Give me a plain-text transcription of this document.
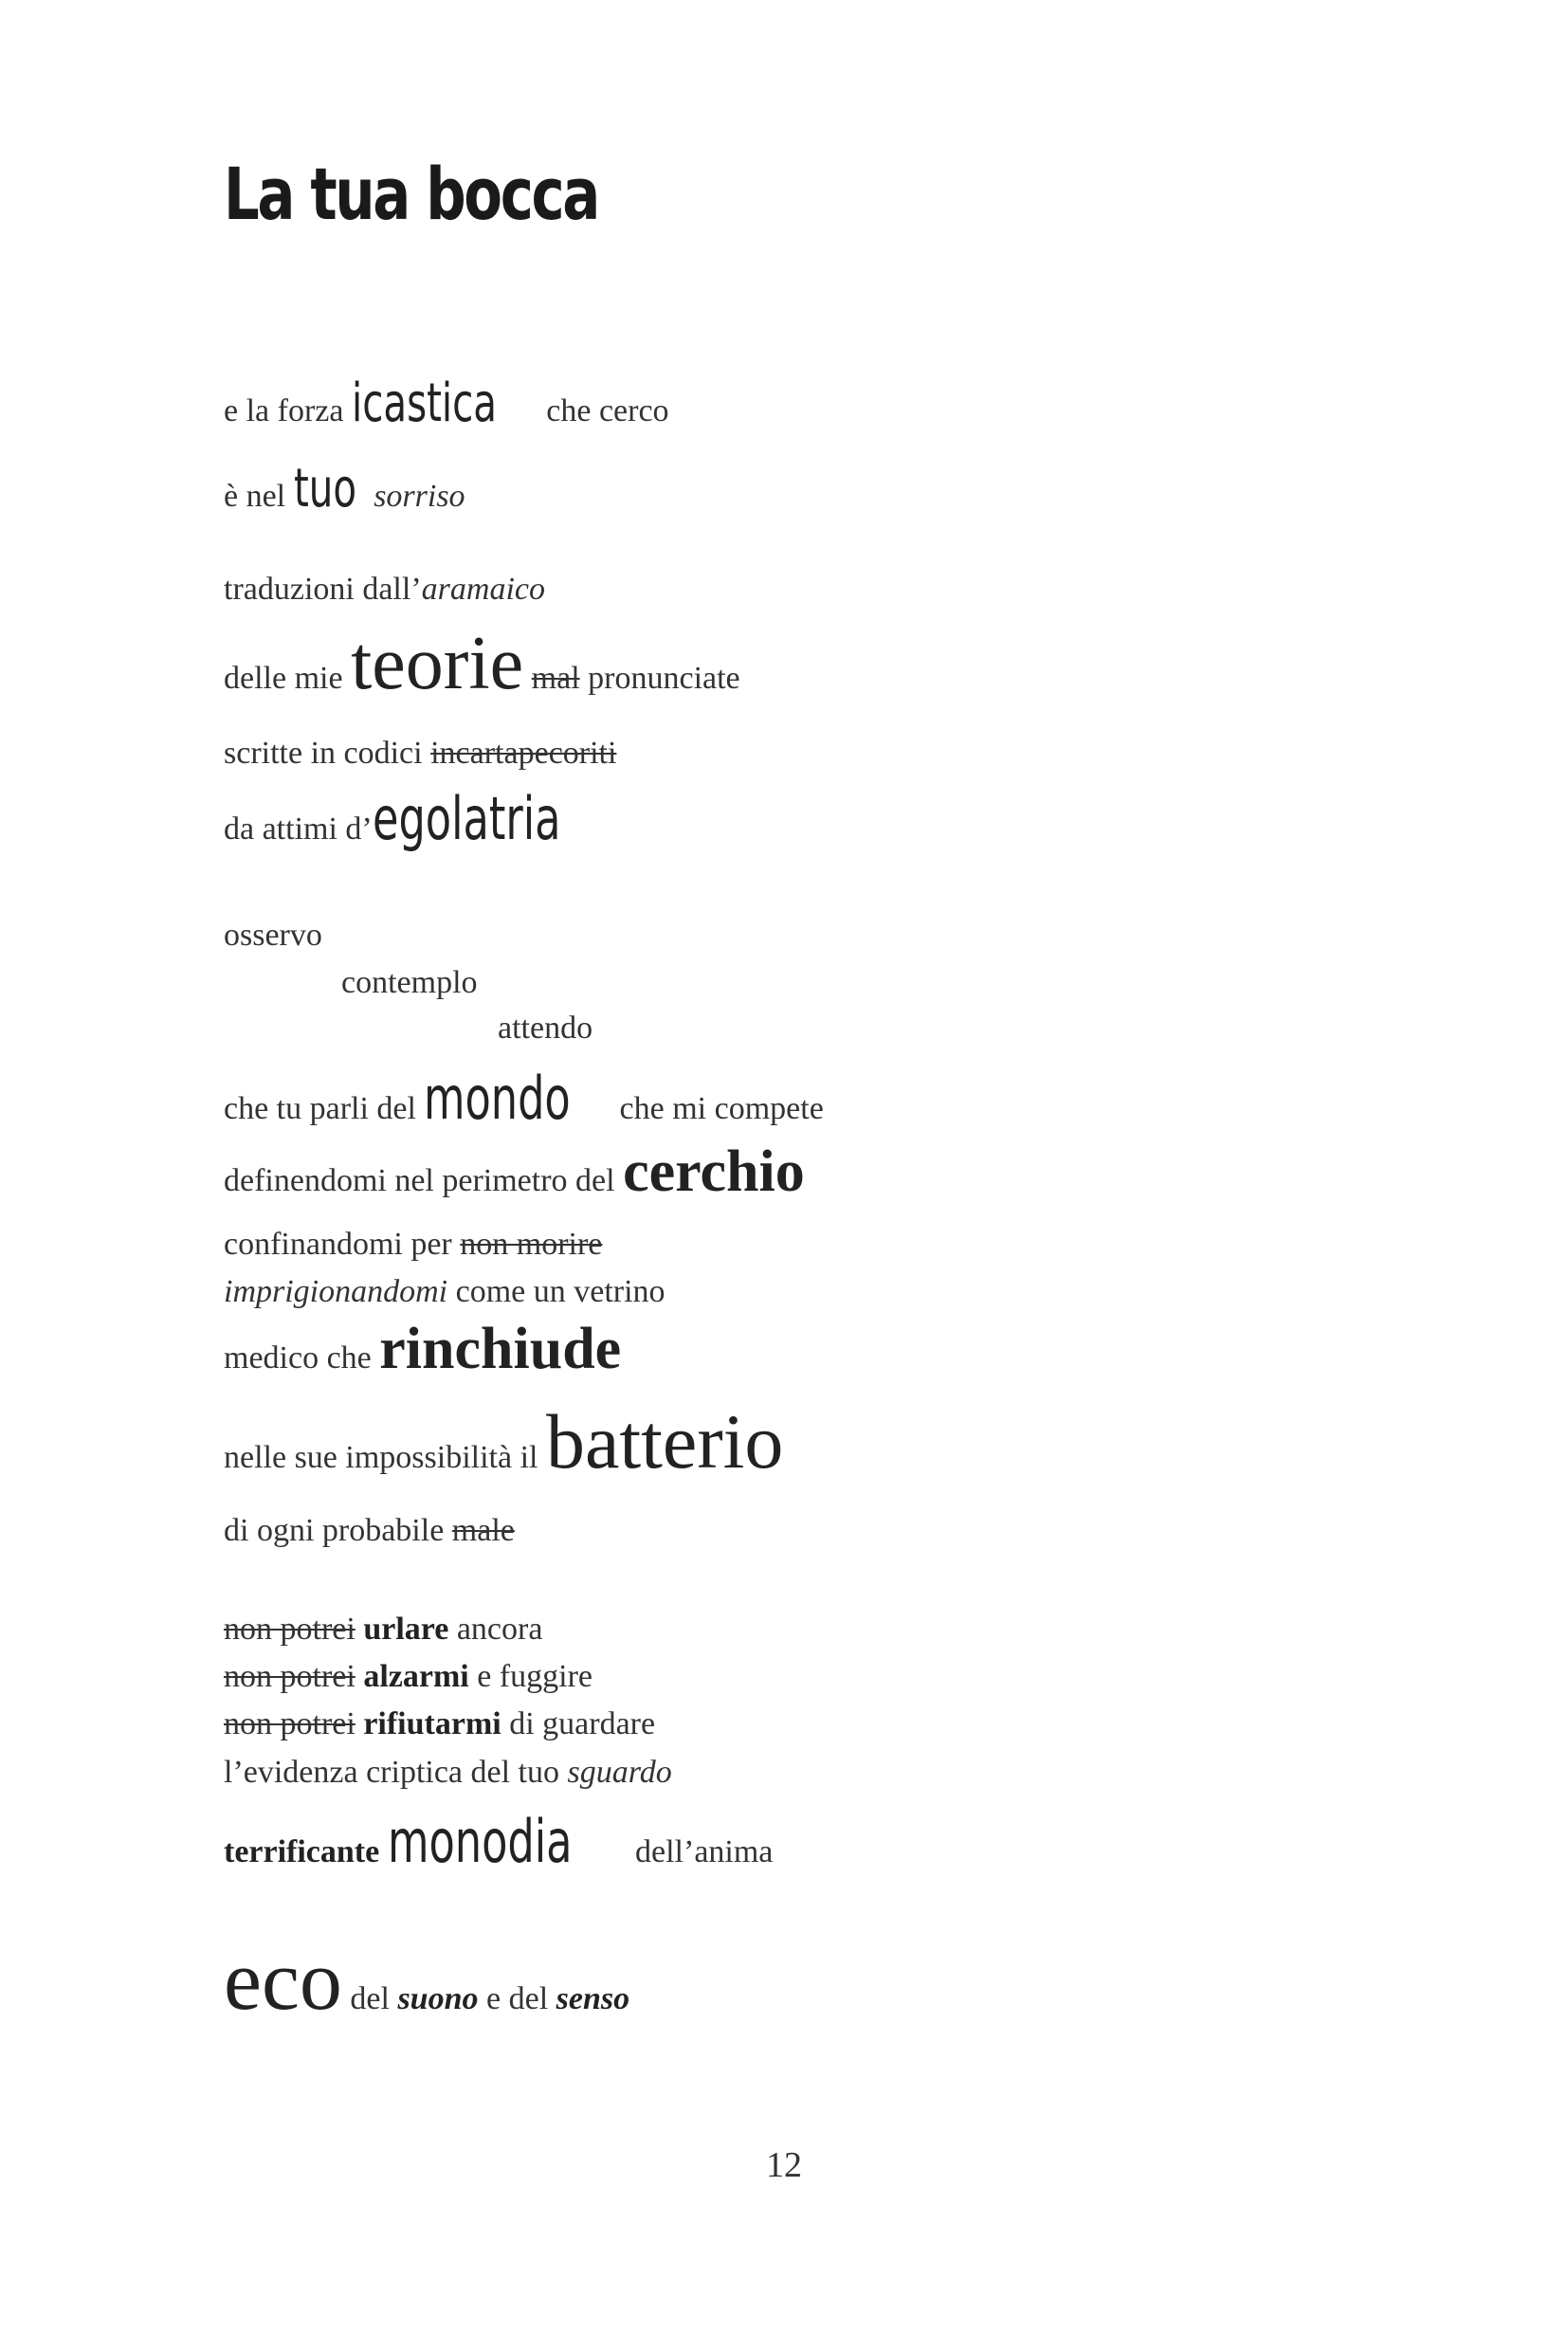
La tua bocca
e la forza icastica che cerco
è nel tuo sorriso
traduzioni dall’aramaico
delle mie teorie mal pronunciate
scritte in codici incartapecoriti
da attimi d’egolatria
osservo
contemplo
attendo
che tu parli del mondo che mi compete
definendomi nel perimetro del cerchio
confinandomi per non morire
imprigionandomi come un vetrino
medico che rinchiude
nelle sue impossibilità il batterio
di ogni probabile male
non potrei urlare ancora
non potrei alzarmi e fuggire
non potrei rifiutarmi di guardare
l’evidenza criptica del tuo sguardo
terrificante monodia dell’anima
eco del suono e del senso
12
